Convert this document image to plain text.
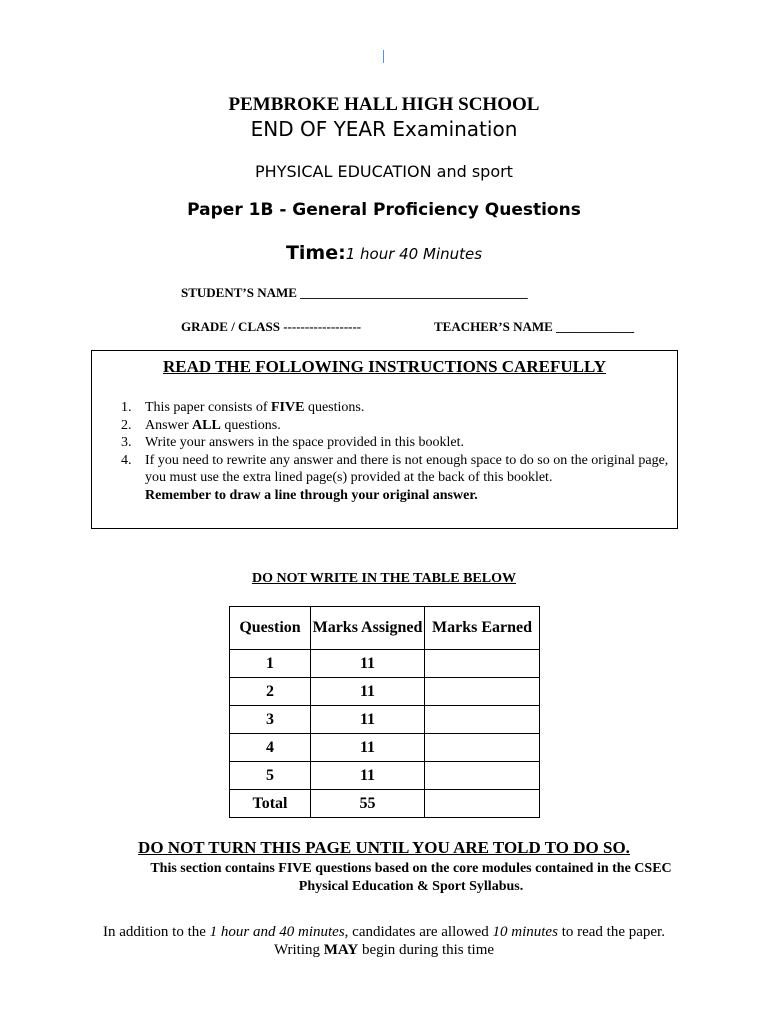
PEMBROKE HALL HIGH SCHOOL
END OF YEAR Examination
PHYSICAL EDUCATION and sport
Paper 1B - General Proficiency Questions
Time:1 hour 40 Minutes
STUDENT’S NAME ___________________________________
GRADE / CLASS ------------------	TEACHER’S NAME ____________
READ THE FOLLOWING INSTRUCTIONS CAREFULLY
1. This paper consists of FIVE questions.
2. Answer ALL questions.
3. Write your answers in the space provided in this booklet.
4. If you need to rewrite any answer and there is not enough space to do so on the original page, you must use the extra lined page(s) provided at the back of this booklet.
Remember to draw a line through your original answer.
DO NOT WRITE IN THE TABLE BELOW
Question	Marks Assigned	Marks Earned
1	11	
2	11	
3	11	
4	11	
5	11	
Total	55	
DO NOT TURN THIS PAGE UNTIL YOU ARE TOLD TO DO SO.
This section contains FIVE questions based on the core modules contained in the CSEC Physical Education & Sport Syllabus.
In addition to the 1 hour and 40 minutes, candidates are allowed 10 minutes to read the paper.
Writing MAY begin during this time
